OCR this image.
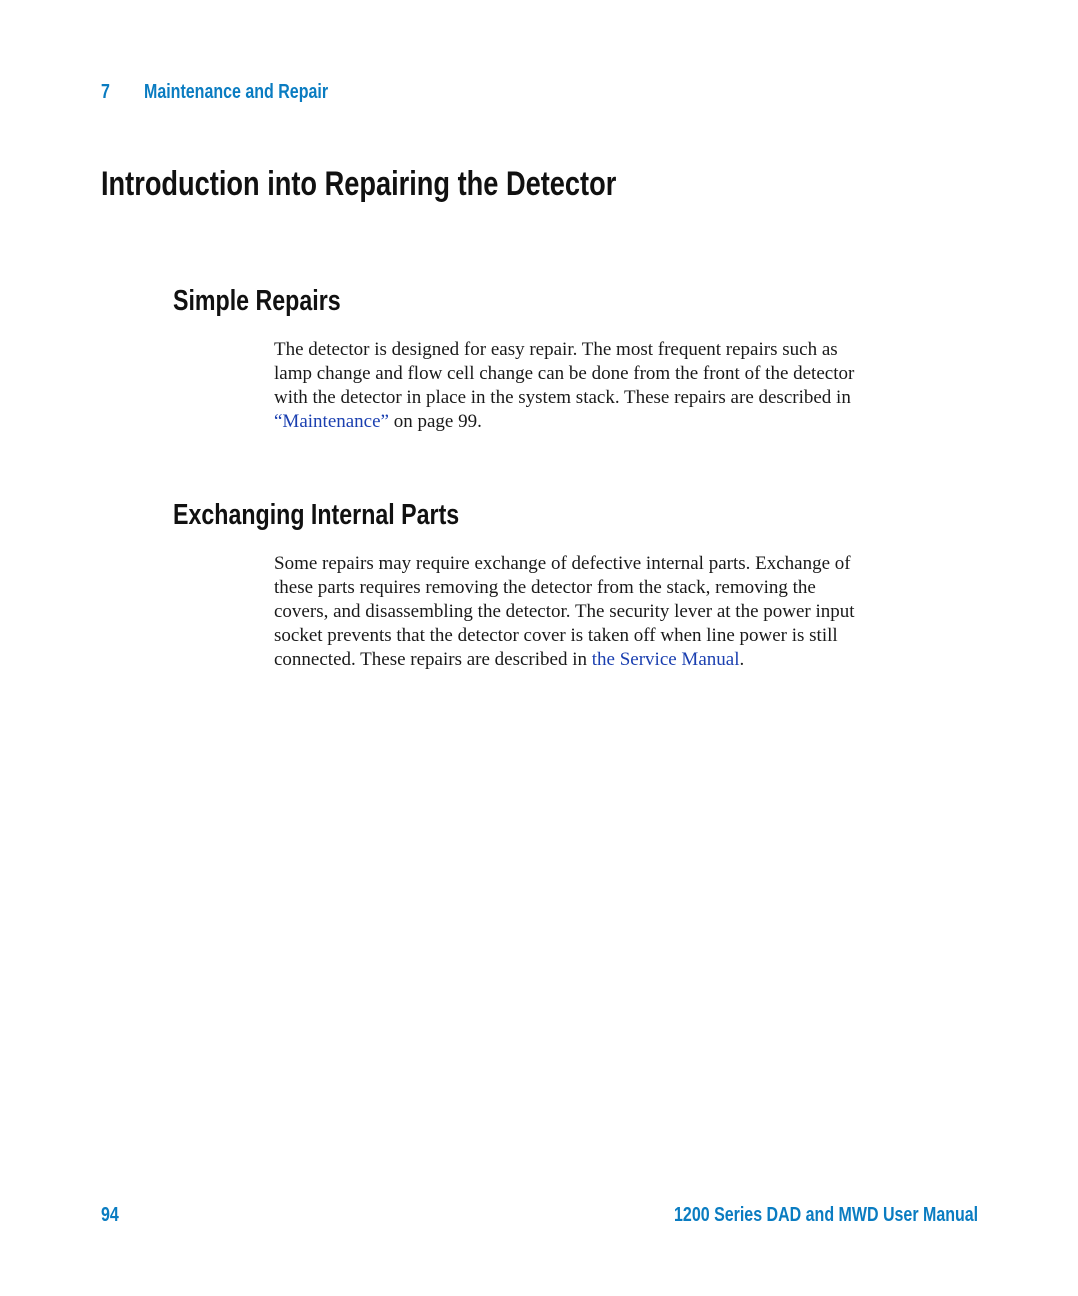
7 Maintenance and Repair
Introduction into Repairing the Detector
Simple Repairs
The detector is designed for easy repair. The most frequent repairs such as
lamp change and flow cell change can be done from the front of the detector
with the detector in place in the system stack. These repairs are described in
“Maintenance” on page 99.
Exchanging Internal Parts
Some repairs may require exchange of defective internal parts. Exchange of
these parts requires removing the detector from the stack, removing the
covers, and disassembling the detector. The security lever at the power input
socket prevents that the detector cover is taken off when line power is still
connected. These repairs are described in the Service Manual.
94	1200 Series DAD and MWD User Manual
